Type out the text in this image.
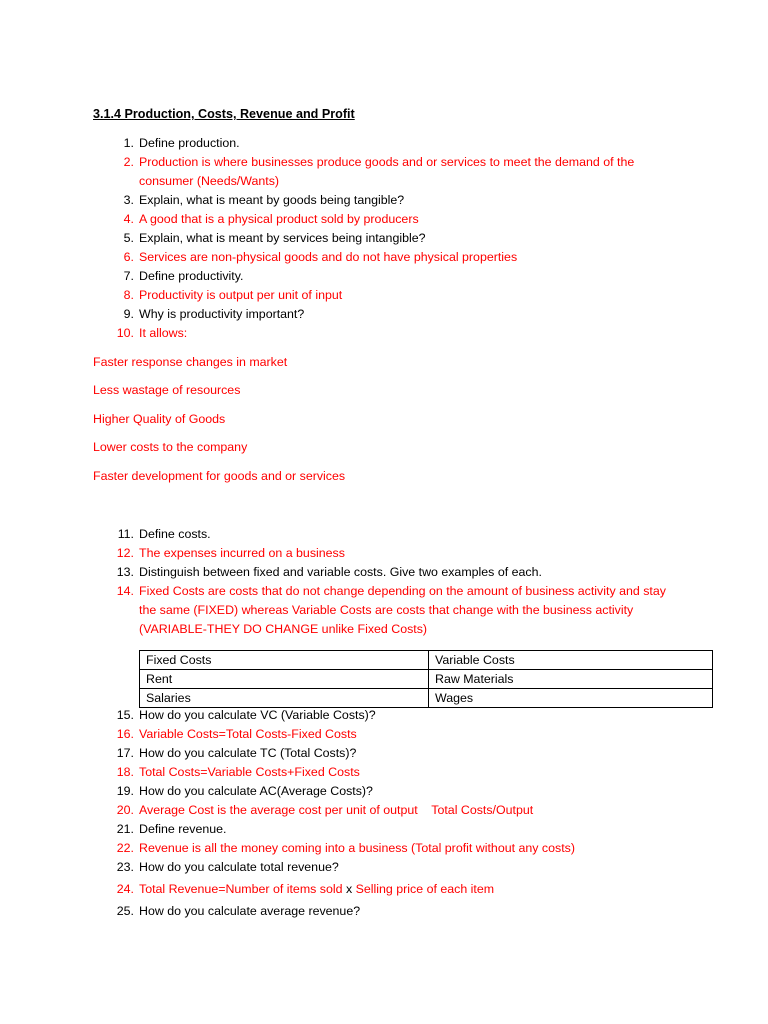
3.1.4 Production, Costs, Revenue and Profit
1. Define production.
2. Production is where businesses produce goods and or services to meet the demand of the consumer (Needs/Wants)
3. Explain, what is meant by goods being tangible?
4. A good that is a physical product sold by producers
5. Explain, what is meant by services being intangible?
6. Services are non-physical goods and do not have physical properties
7. Define productivity.
8. Productivity is output per unit of input
9. Why is productivity important?
10. It allows:
Faster response changes in market
Less wastage of resources
Higher Quality of Goods
Lower costs to the company
Faster development for goods and or services
11. Define costs.
12. The expenses incurred on a business
13. Distinguish between fixed and variable costs. Give two examples of each.
14. Fixed Costs are costs that do not change depending on the amount of business activity and stay the same (FIXED) whereas Variable Costs are costs that change with the business activity (VARIABLE-THEY DO CHANGE unlike Fixed Costs)
Fixed Costs	Variable Costs
Rent	Raw Materials
Salaries	Wages
15. How do you calculate VC (Variable Costs)?
16. Variable Costs=Total Costs-Fixed Costs
17. How do you calculate TC (Total Costs)?
18. Total Costs=Variable Costs+Fixed Costs
19. How do you calculate AC(Average Costs)?
20. Average Cost is the average cost per unit of output    Total Costs/Output
21. Define revenue.
22. Revenue is all the money coming into a business (Total profit without any costs)
23. How do you calculate total revenue?
24. Total Revenue=Number of items sold x Selling price of each item
25. How do you calculate average revenue?
